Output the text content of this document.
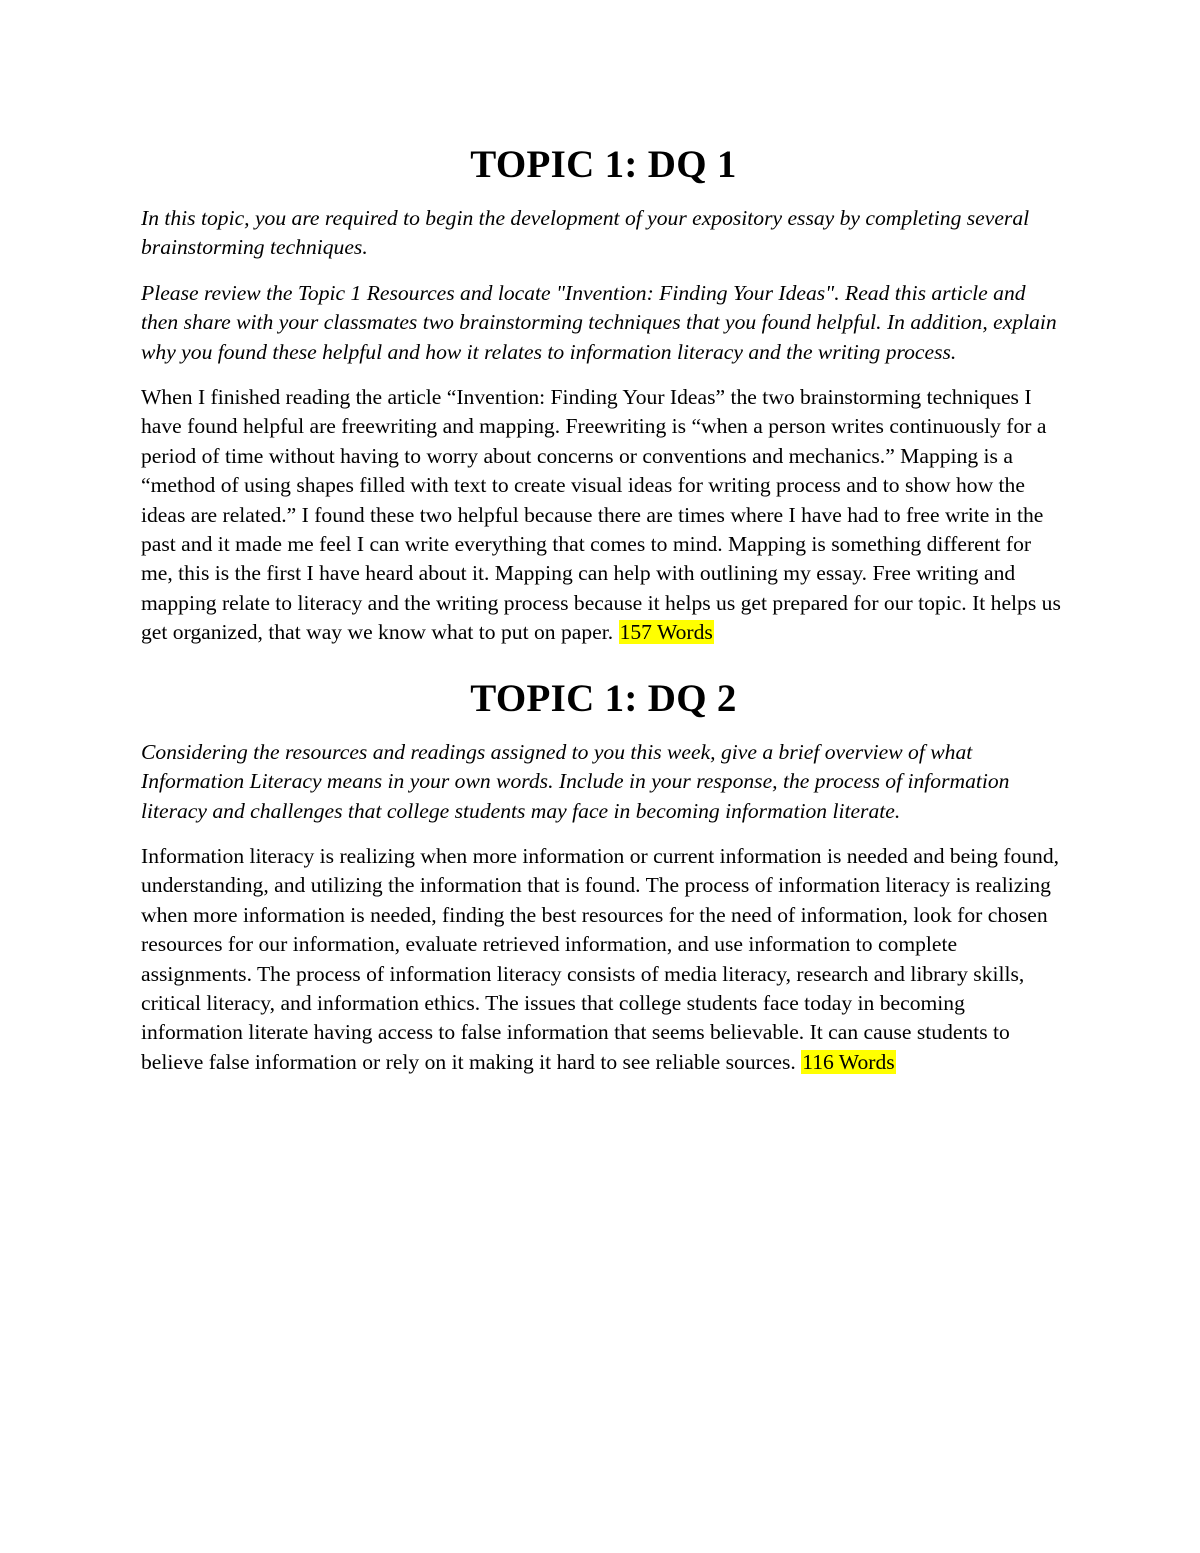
TOPIC 1: DQ 1

In this topic, you are required to begin the development of your expository essay by completing several brainstorming techniques.

Please review the Topic 1 Resources and locate "Invention: Finding Your Ideas". Read this article and then share with your classmates two brainstorming techniques that you found helpful. In addition, explain why you found these helpful and how it relates to information literacy and the writing process.

When I finished reading the article “Invention: Finding Your Ideas” the two brainstorming techniques I have found helpful are freewriting and mapping. Freewriting is “when a person writes continuously for a period of time without having to worry about concerns or conventions and mechanics.” Mapping is a “method of using shapes filled with text to create visual ideas for writing process and to show how the ideas are related.” I found these two helpful because there are times where I have had to free write in the past and it made me feel I can write everything that comes to mind. Mapping is something different for me, this is the first I have heard about it. Mapping can help with outlining my essay. Free writing and mapping relate to literacy and the writing process because it helps us get prepared for our topic. It helps us get organized, that way we know what to put on paper. 157 Words

TOPIC 1: DQ 2

Considering the resources and readings assigned to you this week, give a brief overview of what Information Literacy means in your own words. Include in your response, the process of information literacy and challenges that college students may face in becoming information literate.

Information literacy is realizing when more information or current information is needed and being found, understanding, and utilizing the information that is found. The process of information literacy is realizing when more information is needed, finding the best resources for the need of information, look for chosen resources for our information, evaluate retrieved information, and use information to complete assignments. The process of information literacy consists of media literacy, research and library skills, critical literacy, and information ethics. The issues that college students face today in becoming information literate having access to false information that seems believable. It can cause students to believe false information or rely on it making it hard to see reliable sources. 116 Words
